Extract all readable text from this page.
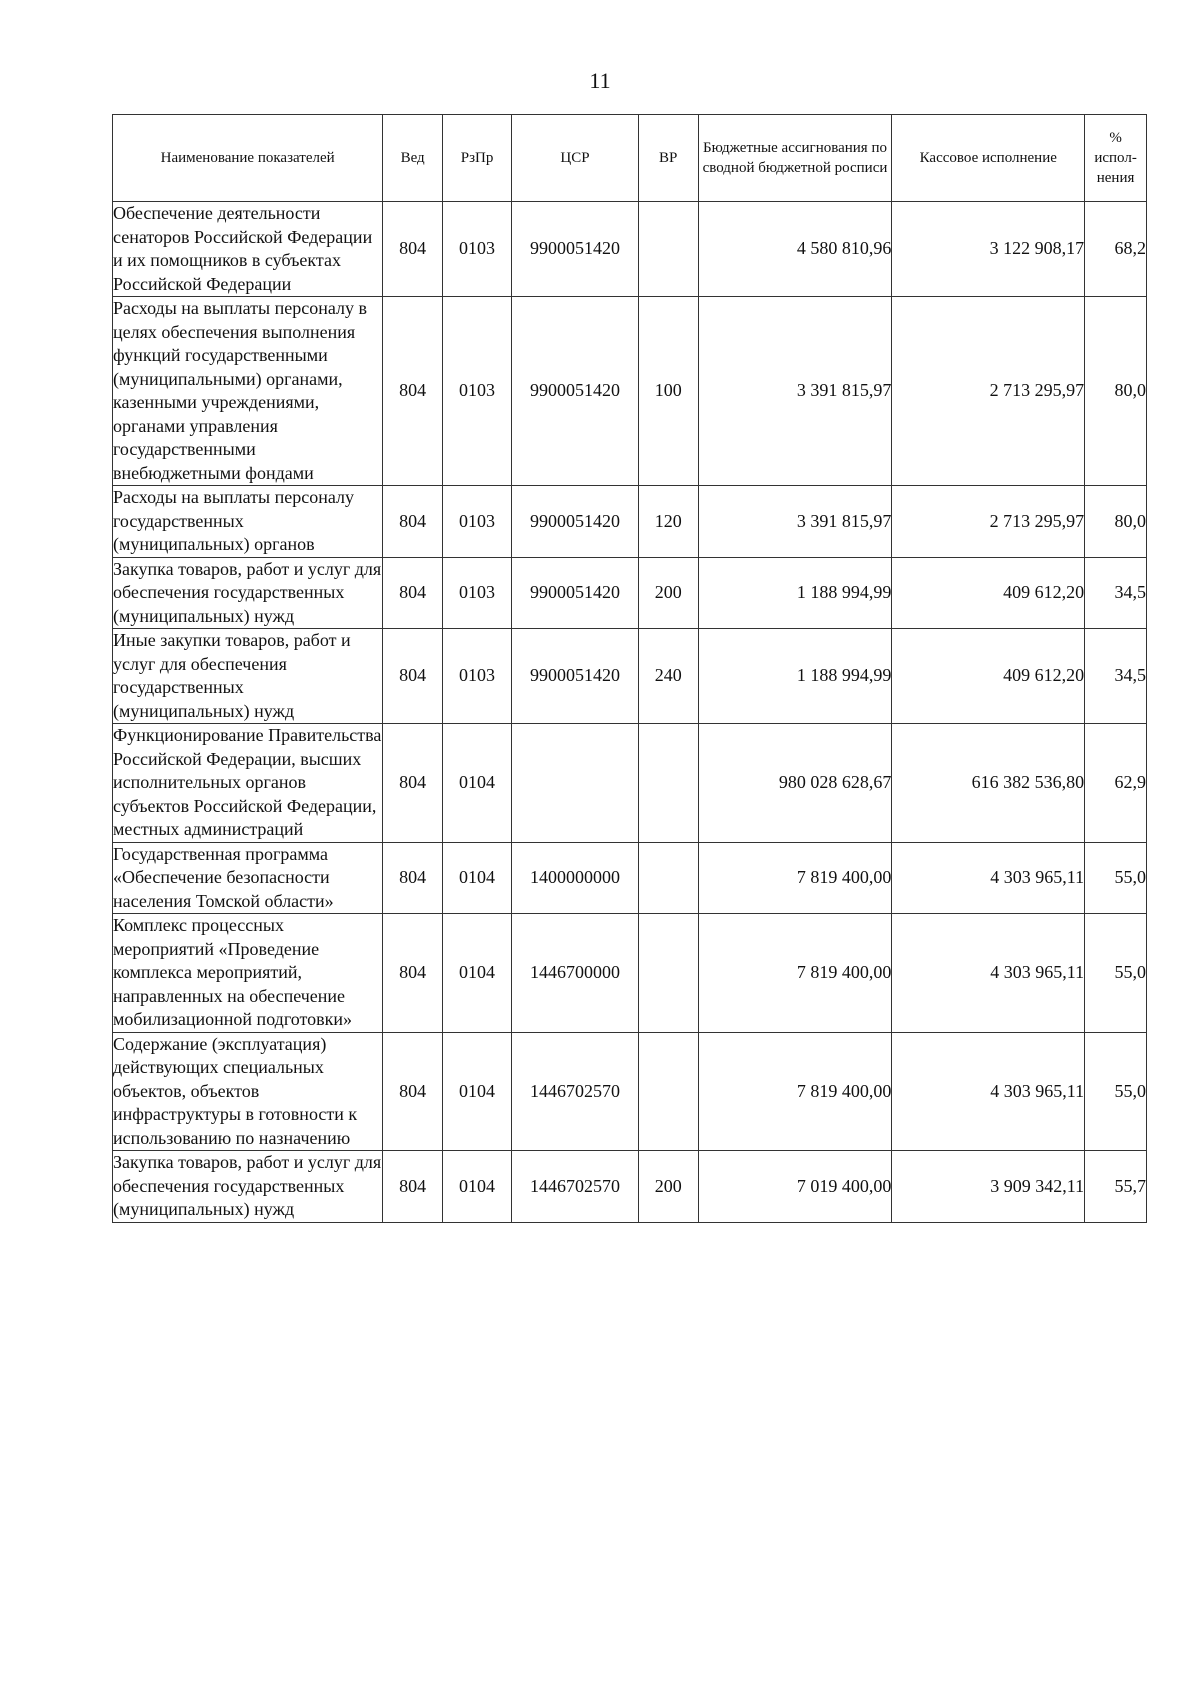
11
Наименование показателей	Вед	РзПр	ЦСР	ВР	Бюджетные ассигнования по сводной бюджетной росписи	Кассовое исполнение	% испол-нения
Обеспечение деятельности сенаторов Российской Федерации и их помощников в субъектах Российской Федерации	804	0103	9900051420		4 580 810,96	3 122 908,17	68,2
Расходы на выплаты персоналу в целях обеспечения выполнения функций государственными (муниципальными) органами, казенными учреждениями, органами управления государственными внебюджетными фондами	804	0103	9900051420	100	3 391 815,97	2 713 295,97	80,0
Расходы на выплаты персоналу государственных (муниципальных) органов	804	0103	9900051420	120	3 391 815,97	2 713 295,97	80,0
Закупка товаров, работ и услуг для обеспечения государственных (муниципальных) нужд	804	0103	9900051420	200	1 188 994,99	409 612,20	34,5
Иные закупки товаров, работ и услуг для обеспечения государственных (муниципальных) нужд	804	0103	9900051420	240	1 188 994,99	409 612,20	34,5
Функционирование Правительства Российской Федерации, высших исполнительных органов субъектов Российской Федерации, местных администраций	804	0104			980 028 628,67	616 382 536,80	62,9
Государственная программа «Обеспечение безопасности населения Томской области»	804	0104	1400000000		7 819 400,00	4 303 965,11	55,0
Комплекс процессных мероприятий «Проведение комплекса мероприятий, направленных на обеспечение мобилизационной подготовки»	804	0104	1446700000		7 819 400,00	4 303 965,11	55,0
Содержание (эксплуатация) действующих специальных объектов, объектов инфраструктуры в готовности к использованию по назначению	804	0104	1446702570		7 819 400,00	4 303 965,11	55,0
Закупка товаров, работ и услуг для обеспечения государственных (муниципальных) нужд	804	0104	1446702570	200	7 019 400,00	3 909 342,11	55,7
